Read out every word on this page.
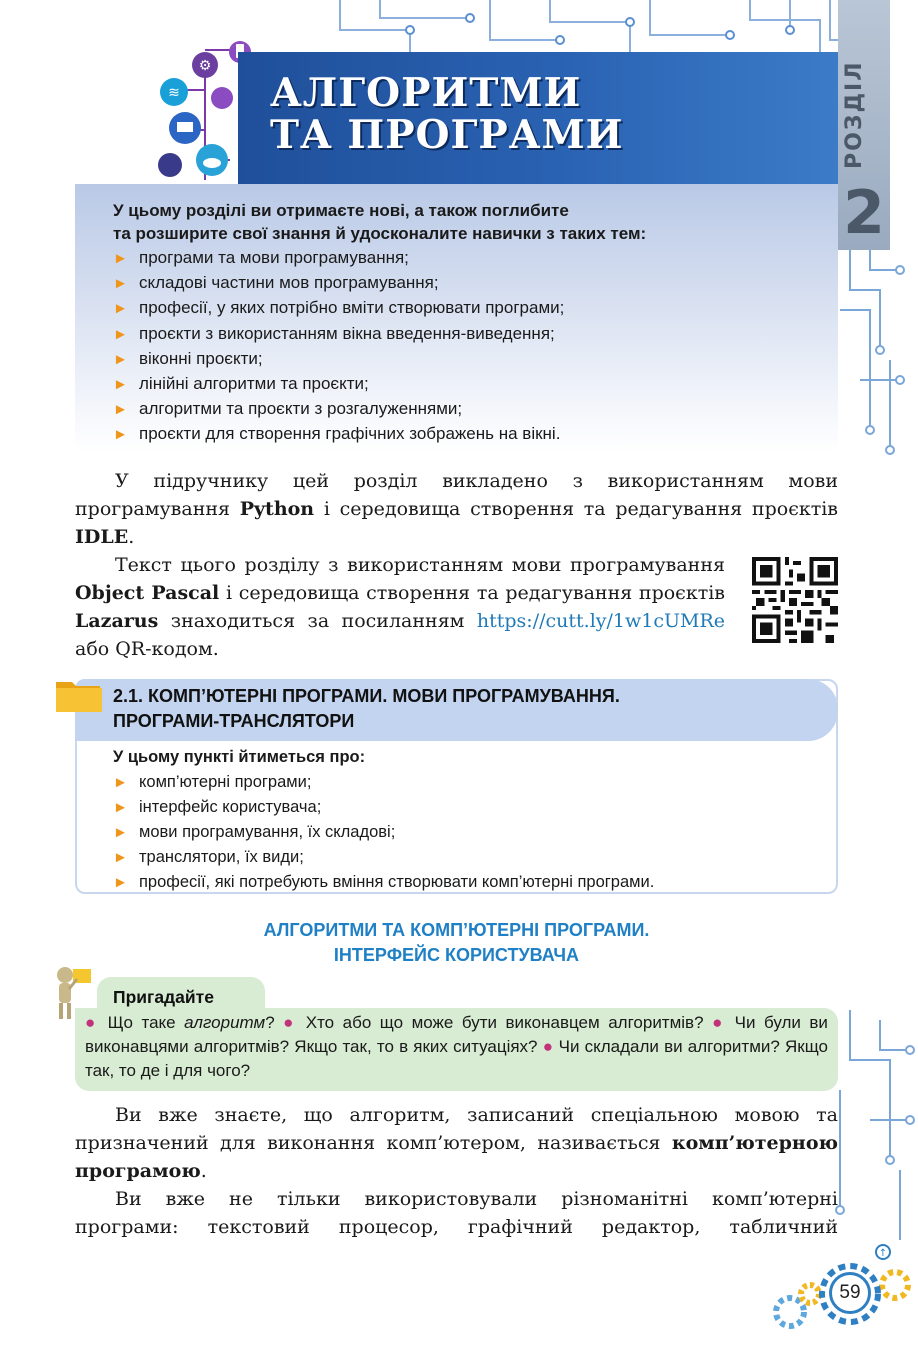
⚙
≋ АЛГОРИТМИ
ТА ПРОГРАМИ	РОЗДІЛ
2
У цьому розділі ви отримаєте нові, а також поглибите
та розширите свої знання й удосконалите навички з таких тем:
► програми та мови програмування;
► складові частини мов програмування;
► професії, у яких потрібно вміти створювати програми;
► проєкти з використанням вікна введення-виведення;
► віконні проєкти;
► лінійні алгоритми та проєкти;
► алгоритми та проєкти з розгалуженнями;
► проєкти для створення графічних зображень на вікні.
У підручнику цей розділ викладено з використанням мови програмування Python і середовища створення та редагування проєктів IDLE.
Текст цього розділу з використанням мови програмування Object Pascal і середовища створення та редагування проєктів Lazarus знаходиться за посиланням https://cutt.ly/1w1cUMRe або QR-кодом.
2.1. КОМП’ЮТЕРНІ ПРОГРАМИ. МОВИ ПРОГРАМУВАННЯ.
ПРОГРАМИ-ТРАНСЛЯТОРИ
У цьому пункті йтиметься про:
► комп’ютерні програми;
► інтерфейс користувача;
► мови програмування, їх складові;
► транслятори, їх види;
► професії, які потребують вміння створювати комп’ютерні програми.
АЛГОРИТМИ ТА КОМП’ЮТЕРНІ ПРОГРАМИ.
ІНТЕРФЕЙС КОРИСТУВАЧА
Пригадайте
● Що таке алгоритм? ● Хто або що може бути виконавцем алгоритмів? ● Чи були ви виконавцями алгоритмів? Якщо так, то в яких ситуаціях? ● Чи складали ви алгоритми? Якщо так, то де і для чого?
Ви вже знаєте, що алгоритм, записаний спеціальною мовою та призначений для виконання комп’ютером, називається комп’ютерною програмою.
Ви вже не тільки використовували різноманітні комп’ютерні програми: текстовий процесор, графічний редактор, табличний
↑
59
